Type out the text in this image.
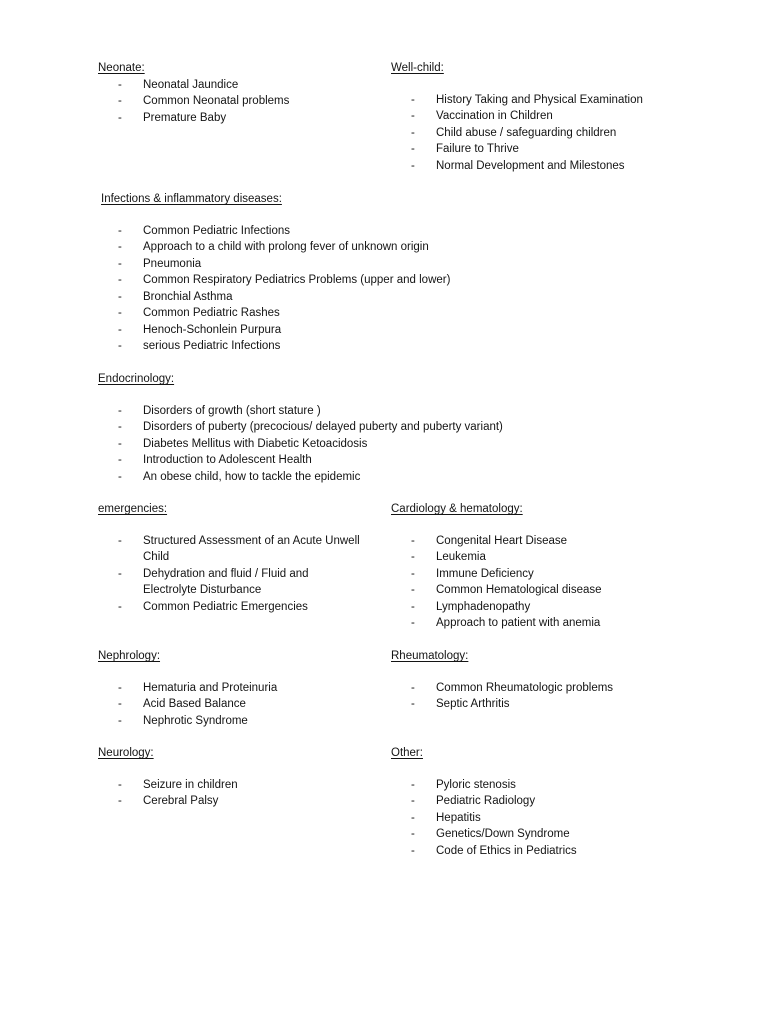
Neonate:
- Neonatal Jaundice
- Common Neonatal problems
- Premature Baby
Well-child:
- History Taking and Physical Examination
- Vaccination in Children
- Child abuse / safeguarding children
- Failure to Thrive
- Normal Development and Milestones
Infections & inflammatory diseases:
- Common Pediatric Infections
- Approach to a child with prolong fever of unknown origin
- Pneumonia
- Common Respiratory Pediatrics Problems (upper and lower)
- Bronchial Asthma
- Common Pediatric Rashes
- Henoch-Schonlein Purpura
- serious Pediatric Infections
Endocrinology:
- Disorders of growth (short stature )
- Disorders of puberty (precocious/ delayed puberty and puberty variant)
- Diabetes Mellitus with Diabetic Ketoacidosis
- Introduction to Adolescent Health
- An obese child, how to tackle the epidemic
emergencies:
- Structured Assessment of an Acute Unwell Child
- Dehydration and fluid / Fluid and Electrolyte Disturbance
- Common Pediatric Emergencies
Cardiology & hematology:
- Congenital Heart Disease
- Leukemia
- Immune Deficiency
- Common Hematological disease
- Lymphadenopathy
- Approach to patient with anemia
Nephrology:
- Hematuria and Proteinuria
- Acid Based Balance
- Nephrotic Syndrome
Rheumatology:
- Common Rheumatologic problems
- Septic Arthritis
Neurology:
- Seizure in children
- Cerebral Palsy
Other:
- Pyloric stenosis
- Pediatric Radiology
- Hepatitis
- Genetics/Down Syndrome
- Code of Ethics in Pediatrics
